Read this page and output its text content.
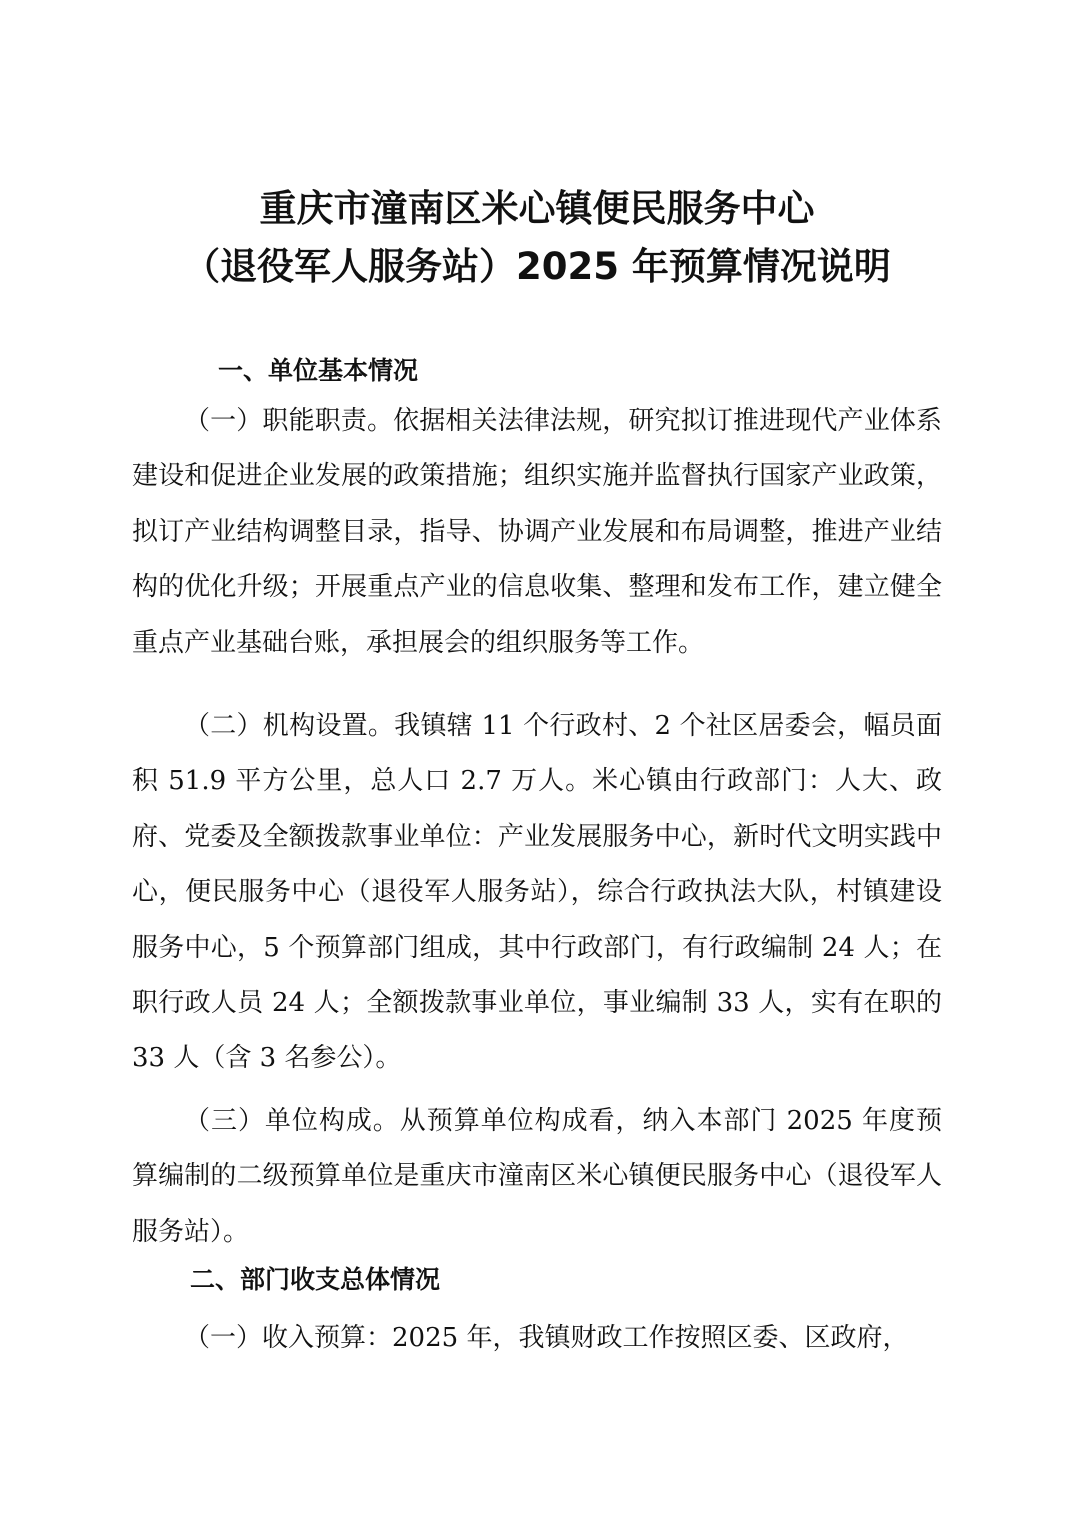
重庆市潼南区米心镇便民服务中心
（退役军人服务站）2025 年预算情况说明
一、单位基本情况

（一）职能职责。依据相关法律法规，研究拟订推进现代产业体系建设和促进企业发展的政策措施；组织实施并监督执行国家产业政策，拟订产业结构调整目录，指导、协调产业发展和布局调整，推进产业结构的优化升级；开展重点产业的信息收集、整理和发布工作，建立健全重点产业基础台账，承担展会的组织服务等工作。

（二）机构设置。我镇辖 11 个行政村、2 个社区居委会，幅员面积 51.9 平方公里，总人口 2.7 万人。米心镇由行政部门：人大、政府、党委及全额拨款事业单位：产业发展服务中心，新时代文明实践中心，便民服务中心（退役军人服务站），综合行政执法大队，村镇建设服务中心，5 个预算部门组成，其中行政部门，有行政编制 24 人；在职行政人员 24 人；全额拨款事业单位，事业编制 33 人，实有在职的 33 人（含 3 名参公）。

（三）单位构成。从预算单位构成看，纳入本部门 2025 年度预算编制的二级预算单位是重庆市潼南区米心镇便民服务中心（退役军人服务站）。

二、部门收支总体情况

（一）收入预算：2025 年，我镇财政工作按照区委、区政府，
